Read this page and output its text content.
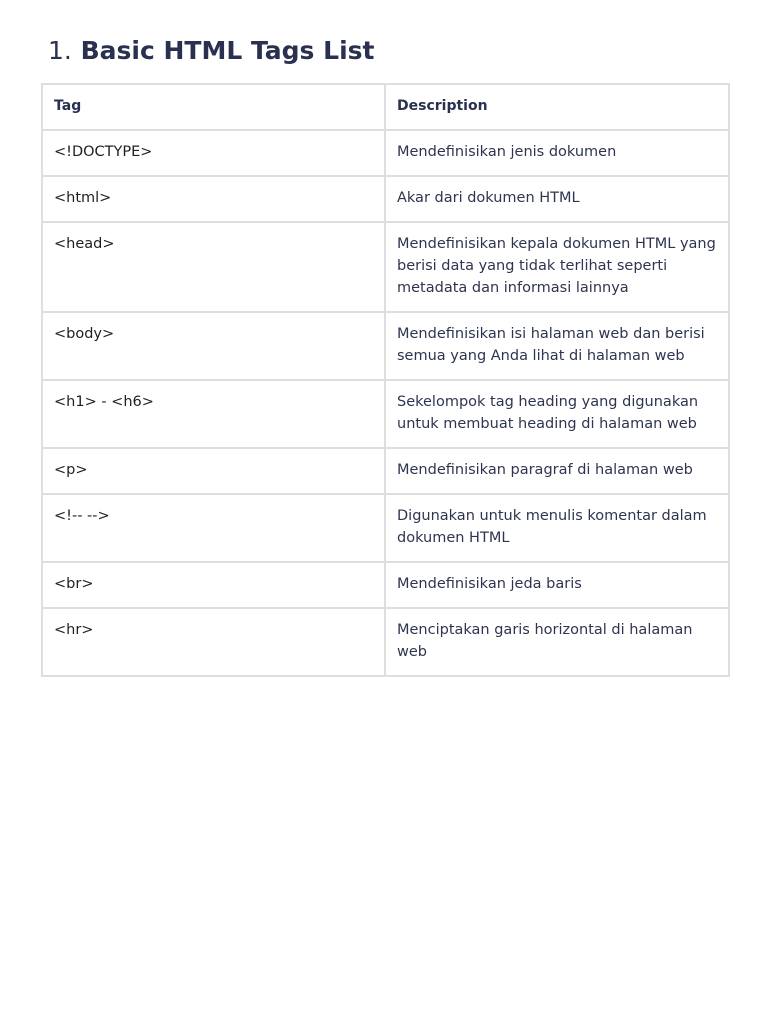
1. Basic HTML Tags List
Tag	Description
<!DOCTYPE>	Mendefinisikan jenis dokumen
<html>	Akar dari dokumen HTML
<head>	Mendefinisikan kepala dokumen HTML yang berisi data yang tidak terlihat seperti metadata dan informasi lainnya
<body>	Mendefinisikan isi halaman web dan berisi semua yang Anda lihat di halaman web
<h1> - <h6>	Sekelompok tag heading yang digunakan untuk membuat heading di halaman web
<p>	Mendefinisikan paragraf di halaman web
<!-- -->	Digunakan untuk menulis komentar dalam dokumen HTML
<br>	Mendefinisikan jeda baris
<hr>	Menciptakan garis horizontal di halaman web
